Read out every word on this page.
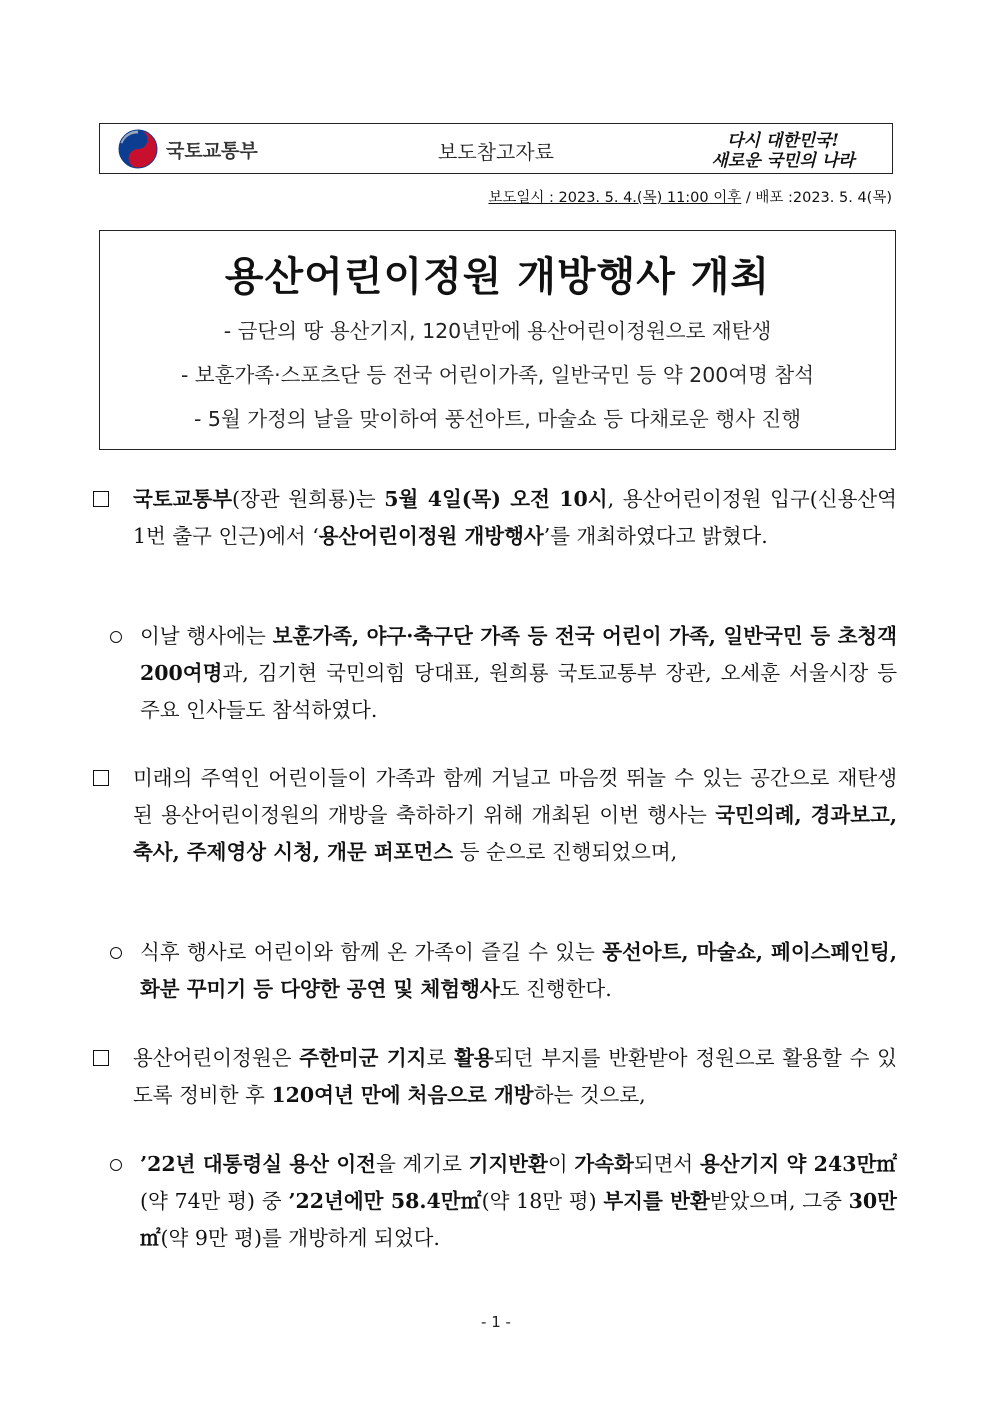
국토교통부	보도참고자료	다시 대한민국!
새로운 국민의 나라
보도일시 : 2023. 5. 4.(목) 11:00 이후 / 배포 :2023. 5. 4(목)
용산어린이정원 개방행사 개최
- 금단의 땅 용산기지, 120년만에 용산어린이정원으로 재탄생
- 보훈가족·스포츠단 등 전국 어린이가족, 일반국민 등 약 200여명 참석
- 5월 가정의 날을 맞이하여 풍선아트, 마술쇼 등 다채로운 행사 진행
국토교통부(장관 원희룡)는 5월 4일(목) 오전 10시, 용산어린이정원 입구(신용산역 1번 출구 인근)에서 ‘용산어린이정원 개방행사’를 개최하였다고 밝혔다.
이날 행사에는 보훈가족, 야구·축구단 가족 등 전국 어린이 가족, 일반국민 등 초청객 200여명과, 김기현 국민의힘 당대표, 원희룡 국토교통부 장관, 오세훈 서울시장 등 주요 인사들도 참석하였다.
미래의 주역인 어린이들이 가족과 함께 거닐고 마음껏 뛰놀 수 있는 공간으로 재탄생된 용산어린이정원의 개방을 축하하기 위해 개최된 이번 행사는 국민의례, 경과보고, 축사, 주제영상 시청, 개문 퍼포먼스 등 순으로 진행되었으며,
식후 행사로 어린이와 함께 온 가족이 즐길 수 있는 풍선아트, 마술쇼, 페이스페인팅, 화분 꾸미기 등 다양한 공연 및 체험행사도 진행한다.
용산어린이정원은 주한미군 기지로 활용되던 부지를 반환받아 정원으로 활용할 수 있도록 정비한 후 120여년 만에 처음으로 개방하는 것으로,
’22년 대통령실 용산 이전을 계기로 기지반환이 가속화되면서 용산기지 약 243만㎡(약 74만 평) 중 ’22년에만 58.4만㎡(약 18만 평) 부지를 반환받았으며, 그중 30만㎡(약 9만 평)를 개방하게 되었다.
- 1 -
